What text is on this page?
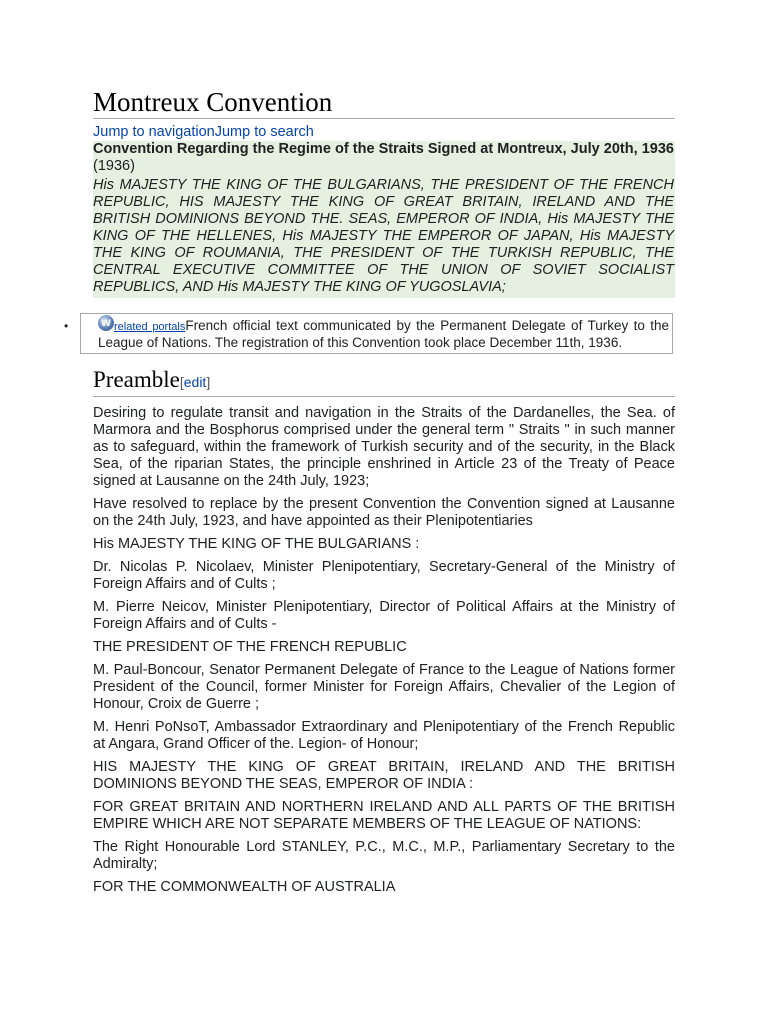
Montreux Convention
Jump to navigationJump to search
Convention Regarding the Regime of the Straits Signed at Montreux, July 20th, 1936 (1936)
His MAJESTY THE KING OF THE BULGARIANS, THE PRESIDENT OF THE FRENCH REPUBLIC, HIS MAJESTY THE KING OF GREAT BRITAIN, IRELAND AND THE BRITISH DOMINIONS BEYOND THE. SEAS, EMPEROR OF INDIA, His MAJESTY THE KING OF THE HELLENES, His MAJESTY THE EMPEROR OF JAPAN, His MAJESTY THE KING OF ROUMANIA, THE PRESIDENT OF THE TURKISH REPUBLIC, THE CENTRAL EXECUTIVE COMMITTEE OF THE UNION OF SOVIET SOCIALIST REPUBLICS, AND His MAJESTY THE KING OF YUGOSLAVIA;
•
W	related portalsFrench official text communicated by the Permanent Delegate of Turkey to the League of Nations. The registration of this Convention took place December 11th, 1936.
Preamble[edit]

Desiring to regulate transit and navigation in the Straits of the Dardanelles, the Sea. of Marmora and the Bosphorus comprised under the general term " Straits " in such manner as to safeguard, within the framework of Turkish security and of the security, in the Black Sea, of the riparian States, the principle enshrined in Article 23 of the Treaty of Peace signed at Lausanne on the 24th July, 1923;

Have resolved to replace by the present Convention the Convention signed at Lausanne on the 24th July, 1923, and have appointed as their Plenipotentiaries

His MAJESTY THE KING OF THE BULGARIANS :

Dr. Nicolas P. Nicolaev, Minister Plenipotentiary, Secretary-General of the Ministry of Foreign Affairs and of Cults ;

M. Pierre Neicov, Minister Plenipotentiary, Director of Political Affairs at the Ministry of Foreign Affairs and of Cults -

THE PRESIDENT OF THE FRENCH REPUBLIC

M. Paul-Boncour, Senator Permanent Delegate of France to the League of Nations former President of the Council, former Minister for Foreign Affairs, Chevalier of the Legion of Honour, Croix de Guerre ;

M. Henri PoNsoT, Ambassador Extraordinary and Plenipotentiary of the French Republic at Angara, Grand Officer of the. Legion- of Honour;

HIS MAJESTY THE KING OF GREAT BRITAIN, IRELAND AND THE BRITISH DOMINIONS BEYOND THE SEAS, EMPEROR OF INDIA :

FOR GREAT BRITAIN AND NORTHERN IRELAND AND ALL PARTS OF THE BRITISH EMPIRE WHICH ARE NOT SEPARATE MEMBERS OF THE LEAGUE OF NATIONS:

The Right Honourable Lord STANLEY, P.C., M.C., M.P., Parliamentary Secretary to the Admiralty;

FOR THE COMMONWEALTH OF AUSTRALIA
